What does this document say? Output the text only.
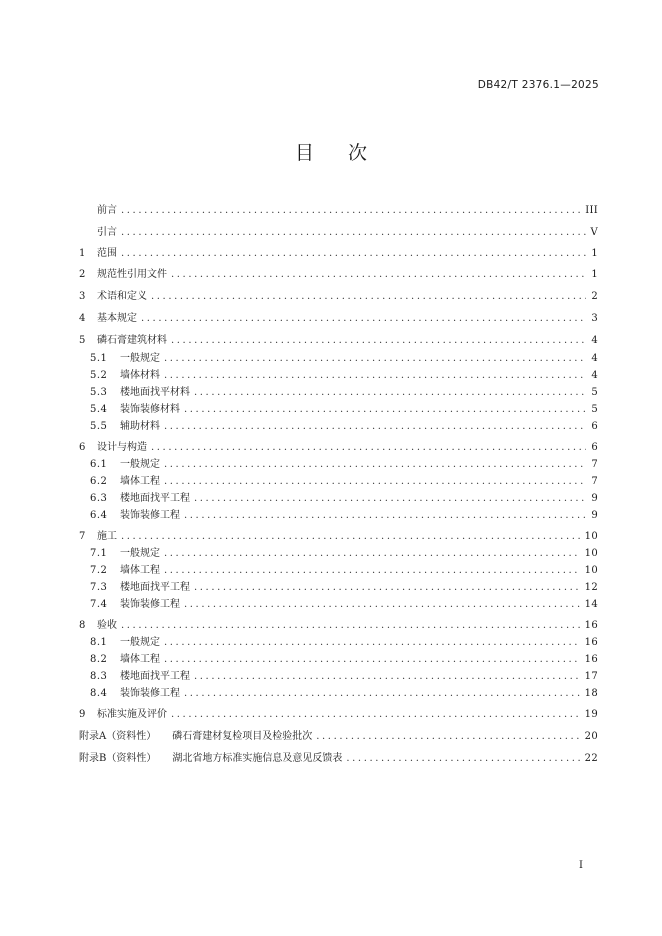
DB42/T 2376.1—2025
目次
前言 .....	III
引言 .....	V
1	范围 .....	1
2	规范性引用文件 .....	1
3	术语和定义 .....	2
4	基本规定 .....	3
5	磷石膏建筑材料 .....	4
5.1	一般规定 .....	4
5.2	墙体材料 .....	4
5.3	楼地面找平材料 .....	5
5.4	装饰装修材料 .....	5
5.5	辅助材料 .....	6
6	设计与构造 .....	6
6.1	一般规定 .....	7
6.2	墙体工程 .....	7
6.3	楼地面找平工程 .....	9
6.4	装饰装修工程 .....	9
7	施工 .....	10
7.1	一般规定 .....	10
7.2	墙体工程 .....	10
7.3	楼地面找平工程 .....	12
7.4	装饰装修工程 .....	14
8	验收 .....	16
8.1	一般规定 .....	16
8.2	墙体工程 .....	16
8.3	楼地面找平工程 .....	17
8.4	装饰装修工程 .....	18
9	标准实施及评价 .....	19
附录A（资料性） 磷石膏建材复检项目及检验批次 .....	20
附录B（资料性） 湖北省地方标准实施信息及意见反馈表 .....	22
I
